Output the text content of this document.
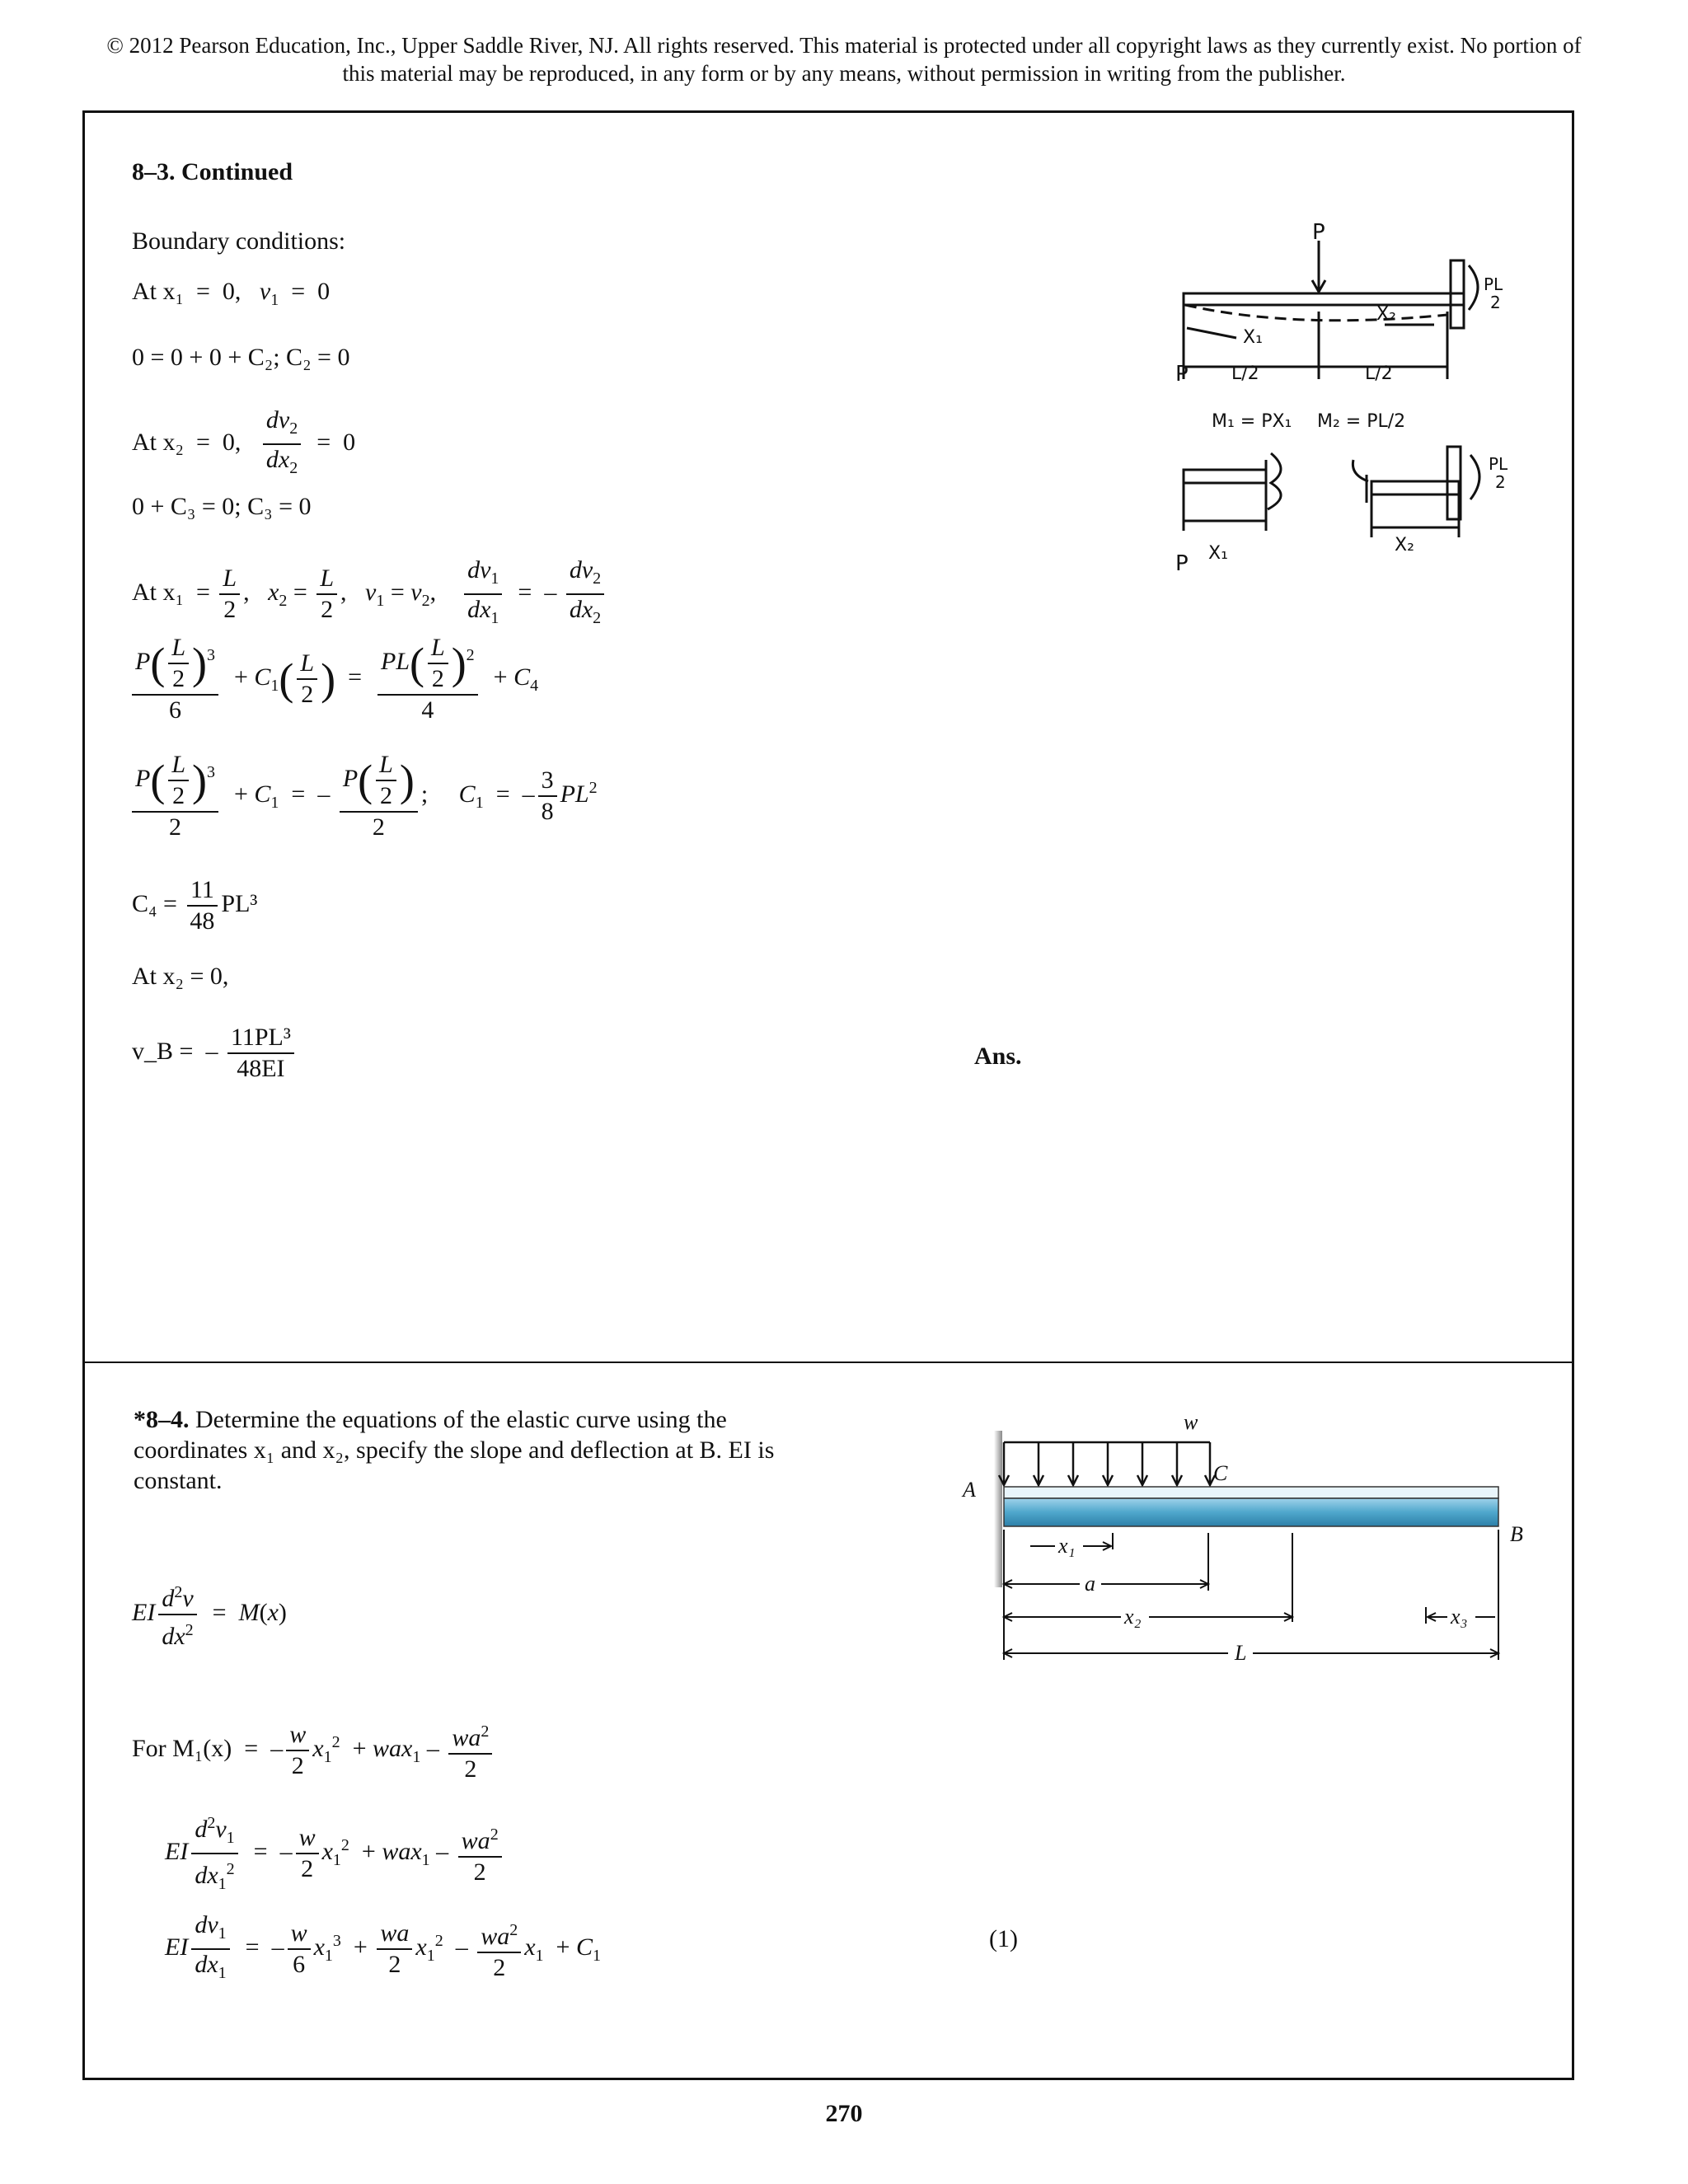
© 2012 Pearson Education, Inc., Upper Saddle River, NJ. All rights reserved. This material is protected under all copyright laws as they currently exist. No portion of this material may be reproduced, in any form or by any means, without permission in writing from the publisher.
8–3. Continued
Boundary conditions:
At x₁  =  0,   $v_1 = 0$
0 = 0 + 0 + C₂; C₂ = 0
At x₂  =  0, $\frac{dv_2}{dx_2} = 0$
0 + C₃ = 0; C₃ = 0
At $x_1 = \frac{L}{2}$ ,   $x_2 = \frac{L}{2}$ ,   $v_1 = v_2$, $\frac{dv_1}{dx_1}$ =  – $\frac{dv_2}{dx_2}$
$\frac{P( \frac{L}{2} )^3}{6} + C_1( \frac{L}{2}$ )  = $\frac{PL( \frac{L}{2} )^2}{4} + C_4$
$\frac{P( \frac{L}{2} )^3}{2} + C_1$  =  – $\frac{P( \frac{L}{2} )}{2}$ ;     $C_1$  =  – $\frac{3}{8} PL^2$
$C_4 = \frac{11}{48} PL^3$
At x₂ = 0,
v_B =  – $\frac{\text{11PL³}}{48EI}$	Ans.
P
P
X₁
X₂
L/2	L/2
PL
2
M₁ = PX₁ M₂ = PL/2
P X₁	X₂
PL
2
*8–4. Determine the equations of the elastic curve using the coordinates x₁ and x₂, specify the slope and deflection at B. EI is constant.
w
A
C
B
x₁
a
x₂	x₃
L
EI $\frac{d^2v}{dx^2} = M(x)$
For M₁(x)  =  – $\frac{w}{2} x_1^2 + wax_1 - \frac{wa^2}{2}$
EI $\frac{d^2v_1}{dx_1^2}$ =  – $\frac{w}{2} x_1^2 + wax_1 - \frac{wa^2}{2}$
EI $\frac{dv_1}{dx_1}$ =  – $\frac{w}{6} x_1^3 + \frac{wa}{2} x_1^2 - \frac{wa^2}{2} x_1 + C_1$
(1)
270
